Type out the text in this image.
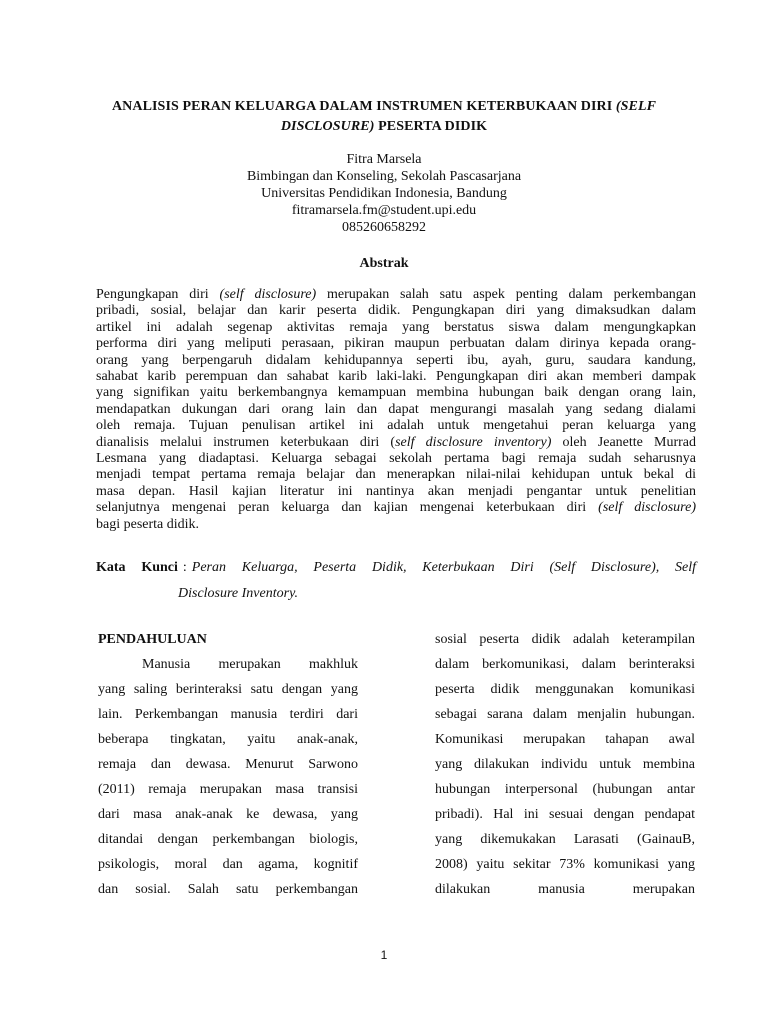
ANALISIS PERAN KELUARGA DALAM INSTRUMEN KETERBUKAAN DIRI (SELF
DISCLOSURE) PESERTA DIDIK
Fitra Marsela
Bimbingan dan Konseling, Sekolah Pascasarjana
Universitas Pendidikan Indonesia, Bandung
fitramarsela.fm@student.upi.edu
085260658292
Abstrak
Pengungkapan diri (self disclosure) merupakan salah satu aspek penting dalam perkembangan
pribadi, sosial, belajar dan karir peserta didik. Pengungkapan diri yang dimaksudkan dalam
artikel ini adalah segenap aktivitas remaja yang berstatus siswa dalam mengungkapkan
performa diri yang meliputi perasaan, pikiran maupun perbuatan dalam dirinya kepada orang-
orang yang berpengaruh didalam kehidupannya seperti ibu, ayah, guru, saudara kandung,
sahabat karib perempuan dan sahabat karib laki-laki. Pengungkapan diri akan memberi dampak
yang signifikan yaitu berkembangnya kemampuan membina hubungan baik dengan orang lain,
mendapatkan dukungan dari orang lain dan dapat mengurangi masalah yang sedang dialami
oleh remaja. Tujuan penulisan artikel ini adalah untuk mengetahui peran keluarga yang
dianalisis melalui instrumen keterbukaan diri (self disclosure inventory) oleh Jeanette Murrad
Lesmana yang diadaptasi. Keluarga sebagai sekolah pertama bagi remaja sudah seharusnya
menjadi tempat pertama remaja belajar dan menerapkan nilai-nilai kehidupan untuk bekal di
masa depan. Hasil kajian literatur ini nantinya akan menjadi pengantar untuk penelitian
selanjutnya mengenai peran keluarga dan kajian mengenai keterbukaan diri (self disclosure)
bagi peserta didik.
Kata Kunci : Peran Keluarga, Peserta Didik, Keterbukaan Diri (Self Disclosure), Self
Disclosure Inventory.
PENDAHULUAN
Manusia merupakan makhluk
yang saling berinteraksi satu dengan yang
lain. Perkembangan manusia terdiri dari
beberapa tingkatan, yaitu anak-anak,
remaja dan dewasa. Menurut Sarwono
(2011) remaja merupakan masa transisi
dari masa anak-anak ke dewasa, yang
ditandai dengan perkembangan biologis,
psikologis, moral dan agama, kognitif
dan sosial. Salah satu perkembangan
sosial peserta didik adalah keterampilan
dalam berkomunikasi, dalam berinteraksi
peserta didik menggunakan komunikasi
sebagai sarana dalam menjalin hubungan.
Komunikasi merupakan tahapan awal
yang dilakukan individu untuk membina
hubungan interpersonal (hubungan antar
pribadi). Hal ini sesuai dengan pendapat
yang dikemukakan Larasati (GainauB,
2008) yaitu sekitar 73% komunikasi yang
dilakukan manusia merupakan
1
